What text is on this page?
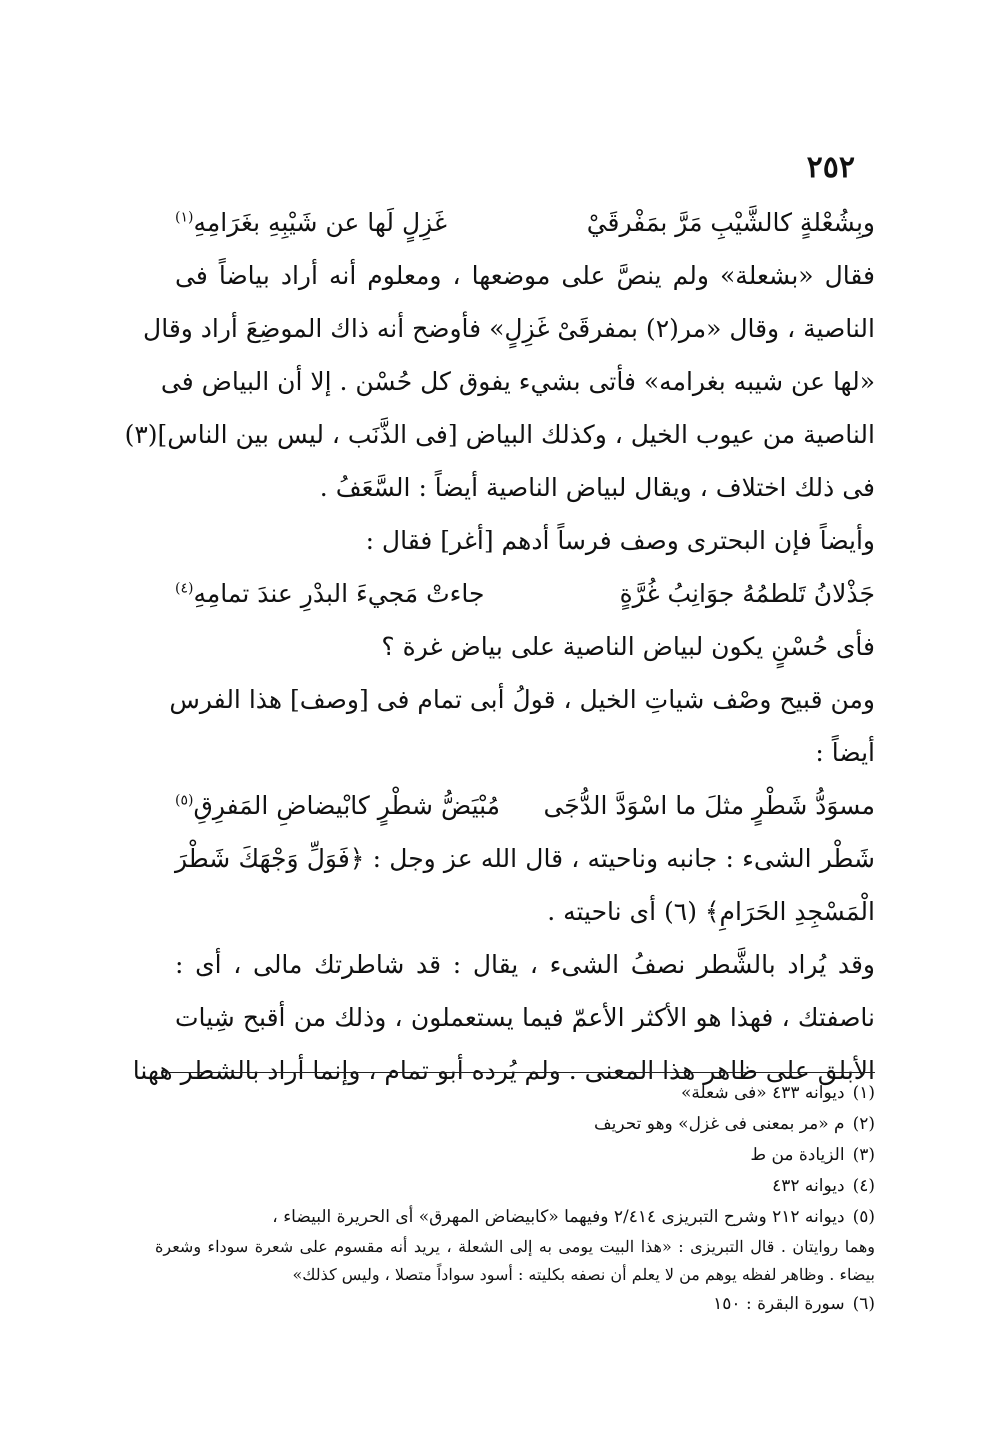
٢٥٢
وبِشُعْلةٍ كالشَّيْبِ مَرَّ بمَفْرقَيْ
غَزِلٍ لَها عن شَيْبِهِ بغَرَامِهِ$^{(١)}$
فقال «بشعلة» ولم ينصَّ على موضعها ، ومعلوم أنه أراد بياضاً فى
الناصية ، وقال «مر(٢) بمفرقَىْ غَزِلٍ» فأوضح أنه ذاك الموضِعَ أراد وقال
«لها عن شيبه بغرامه» فأتى بشيء يفوق كل حُسْن . إلا أن البياض فى
الناصية من عيوب الخيل ، وكذلك البياض [فى الذَّنَب ، ليس بين الناس](٣)
فى ذلك اختلاف ، ويقال لبياض الناصية أيضاً : السَّعَفُ .
وأيضاً فإن البحترى وصف فرساً أدهم [أغر] فقال :
جَذْلانُ تَلطمُهُ جوَانِبُ غُرَّةٍ
جاءتْ مَجيءَ البدْرِ عندَ تمامِهِ$^{(٤)}$
فأى حُسْنٍ يكون لبياض الناصية على بياض غرة ؟
ومن قبيح وصْف شياتِ الخيل ، قولُ أبى تمام فى [وصف] هذا الفرس
أيضاً :
مسوَدُّ شَطْرٍ مثلَ ما اسْوَدَّ الدُّجَى
مُبْيَضُّ شطْرٍ كابْيضاضِ المَفرِقِ$^{(٥)}$
شَطْر الشىء : جانبه وناحيته ، قال الله عز وجل : ﴿فَوَلِّ وَجْهَكَ شَطْرَ
الْمَسْجِدِ الحَرَامِ﴾ (٦) أى ناحيته .
وقد يُراد بالشَّطر نصفُ الشىء ، يقال : قد شاطرتك مالى ، أى :
ناصفتك ، فهذا هو الأكثر الأعمّ فيما يستعملون ، وذلك من أقبح شِيات
الأبلق على ظاهر هذا المعنى . ولم يُرده أبو تمام ، وإنما أراد بالشطر ههنا
(١)ديوانه ٤٣٣ «فى شعلة»
(٢)م «مر بمعنى فى غزل» وهو تحريف
(٣)الزيادة من ط
(٤)ديوانه ٤٣٢
(٥)ديوانه ٢١٢ وشرح التبريزى ٢/٤١٤ وفيهما «كابيضاض المهرق» أى الحريرة البيضاء ،
وهما روايتان . قال التبريزى : «هذا البيت يومى به إلى الشعلة ، يريد أنه مقسوم على شعرة سوداء وشعرة
بيضاء . وظاهر لفظه يوهم من لا يعلم أن نصفه بكليته : أسود سواداً متصلا ، وليس كذلك»
(٦)سورة البقرة : ١٥٠
